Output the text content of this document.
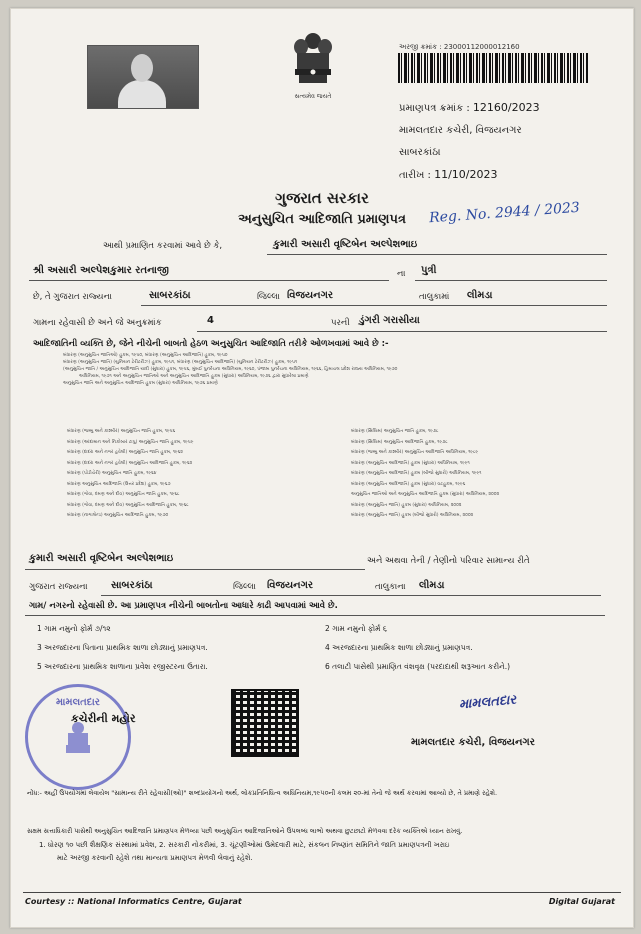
સત્યમેવ જયતે
અરજી ક્રમાંક : 23000112000012160
પ્રમાણપત્ર ક્રમાંક : 12160/2023
મામલતદાર કચેરી, વિજયનગર
સાબરકાંઠા
તારીખ : 11/10/2023
ગુજરાત સરકાર
અનુસુચિત આદિજાતિ પ્રમાણપત્ર	Reg. No. 2944 / 2023
આથી પ્રમાણિત કરવામાં આવે છે કે,	કુમારી અસારી વૃષ્ટિબેન અલ્પેશભાઇ
શ્રી અસારી અલ્પેશકુમાર રતનાજી	ના પુત્રી
છે, તે ગુજરાત રાજ્યના	સાબરકાંઠા	જિલ્લા વિજયનગર	તાલુકામાં લીમડા
ગામના રહેવાસી છે અને જે અનુક્રમાંક	4	પરની ડુંગરી ગરાસીયા
આદિજાતિની વ્યક્તિ છે, જેને નીચેની બાબતો હેઠળ અનુસુચિત આદિજાતિ તરીકે ઓળખવામાં આવે છે :-
બંધારણ (અનુસુચિત જાતિઓ) હુકમ, ૧૯૫૦, બંધારણ (અનુસુચિત આદિજાતિ) હુકમ, ૧૯૫૦
બંધારણ (અનુસુચિત જાતિ) (યુનિયન ટેરીટરીઝ) હુકમ, ૧૯૫૧, બંધારણ (અનુસુચિત આદિજાતિ) (યુનિયન ટેરીટરીઝ) હુકમ, ૧૯૫૧
(અનુસુચિત જાતિ / અનુસુચિત આદિજાતિ યાદી (સુધારા) હુકમ, ૧૯૫૬, મુંબઈ પુનર્રચના અધિનિયમ, ૧૯૬૦, પંજાબ પુનર્રચના અધિનિયમ, ૧૯૬૬, હિમાચલ પ્રદેશ રાજ્ય અધિનિયમ, ૧૯૭૦
અધિનિયમ, ૧૯૭૧ અને અનુસુચિત જાતિઓ અને અનુસુચિત આદિજાતિ હુકમ (સુધારા) અધિનિયમ, ૧૯૭૬ દ્વારા સુધારેલા પ્રમાણે
અનુસુચિત જાતિ અને અનુસુચિત આદિજાતિ હુકમ (સુધારા) અધિનિયમ, ૧૯૭૬ પ્રમાણે
બંધારણ (જમ્મુ અને કાશ્મીર) અનુસુચિત જાતિ હુકમ, ૧૯૫૬
બંધારણ (આંદામાન અને નિકોબાર ટાપુ) અનુસુચિત જાતિ હુકમ, ૧૯૫૯
બંધારણ (દાદરા અને નગર હવેલી) અનુસુચિત જાતિ હુકમ, ૧૯૬૨
બંધારણ (દાદરા અને નગર હવેલી) અનુસુચિત આદિજાતિ હુકમ, ૧૯૬૨
બંધારણ (પોંડીચેરી) અનુસુચિત જાતિ હુકમ, ૧૯૬૪
બંધારણ અનુસુચિત આદિજાતિ (ઉત્તર પ્રદેશ) હુકમ, ૧૯૬૭
બંધારણ (ગોવા, દમણ અને દીવ) અનુસુચિત જાતિ હુકમ, ૧૯૬૮
બંધારણ (ગોવા, દમણ અને દીવ) અનુસુચિત આદિજાતિ હુકમ, ૧૯૬૮
બંધારણ (નાગાલેન્ડ) અનુસુચિત આદિજાતિ હુકમ, ૧૯૭૦
બંધારણ (સિક્કિમ) અનુસુચિત જાતિ હુકમ, ૧૯૭૮
બંધારણ (સિક્કિમ) અનુસુચિત આદિજાતિ હુકમ, ૧૯૭૮
બંધારણ (જમ્મુ અને કાશ્મીર) અનુસુચિત આદિજાતિ અધિનિયમ, ૧૯૮૯
બંધારણ (અનુસુચિત આદિજાતિ) હુકમ (સુધારા) અધિનિયમ, ૧૯૯૧
બંધારણ (અનુસુચિત આદિજાતિ) હુકમ (બીજો સુધારો) અધિનિયમ, ૧૯૯૧
બંધારણ (અનુસુચિત આદિજાતિ) હુકમ (સુધારા) વટહુકમ, ૧૯૯૬
અનુસુચિત જાતિઓ અને અનુસુચિત આદિજાતિ હુકમ (સુધારા) અધિનિયમ, ૨૦૦૨
બંધારણ (અનુસુચિત જાતિ) હુકમ (સુધારા) અધિનિયમ, ૨૦૦૨
બંધારણ (અનુસુચિત જાતિ) હુકમ (બીજો સુધારો) અધિનિયમ, ૨૦૦૨
કુમારી અસારી વૃષ્ટિબેન અલ્પેશભાઇ	અને અથવા તેની / તેણીનો પરિવાર સામાન્ય રીતે
ગુજરાત રાજ્યના સાબરકાંઠા	જિલ્લા વિજયનગર	તાલુકાના લીમડા
ગામ/ નગરનો રહેવાસી છે. આ પ્રમાણપત્ર નીચેની બાબતોના આધારે કાઢી આપવામાં આવે છે.
1 ગામ નમુનો ફોર્મ ૭/૧૨
3 અરજદારના પિતાના પ્રાથમિક શાળા છોડ્યાનું પ્રમાણપત્ર.
5 અરજદારના પ્રાથમિક શાળાના પ્રવેશ રજીસ્ટરના ઉતારા.
2 ગામ નમુનો ફોર્મ ૬
4 અરજદારના પ્રાથમિક શાળા છોડ્યાનું પ્રમાણપત્ર.
6 તલાટી પાસેથી પ્રમાણિત વંશવૃક્ષ (પરદાદાથી શરૂઆત કરીને.)
મામલતદાર
કચેરીની મહોર
મામલતદાર
મામલતદાર કચેરી, વિજયનગર
નોંધ:- અહીં ઉપયોગમાં લેવાયેલ "સામાન્ય રીતે રહેવાસી(ઓ)" શબ્દપ્રયોગનો અર્થ, લોકપ્રતિનિધિત્વ અધિનિયમ,૧૯૫૦ની કલમ ૨૦-માં તેનો જે અર્થ કરવામાં આવ્યો છે, તે પ્રમાણે રહેશે.
સક્ષમ સત્તાધિકારી પાસેથી અનુસુચિત આદિજાતિ પ્રમાણપત્ર મેળવ્યા પછી અનુસુચિત આદિજાતિઓને ઉપલબ્ધ લાભો અથવા છુટછાટો મેળવવા દરેક વ્યક્તિએ ધ્યાન રાખવું.
1. ધોરણ ૧૦ પછી શૈક્ષણિક સંસ્થામાં પ્રવેશ, 2. સરકારી નોકરીમાં, 3. ચૂંટણીઓમાં ઉમેદવારી માટે, સંકલન નિષ્ણાંત સમિતિને જાતિ પ્રમાણપત્રની ખરાઇ
માટે અરજી કરવાની રહેશે તથા માન્યતા પ્રમાણપત્ર મેળવી લેવાનું રહેશે.
Courtesy :: National Informatics Centre, Gujarat	Digital Gujarat
